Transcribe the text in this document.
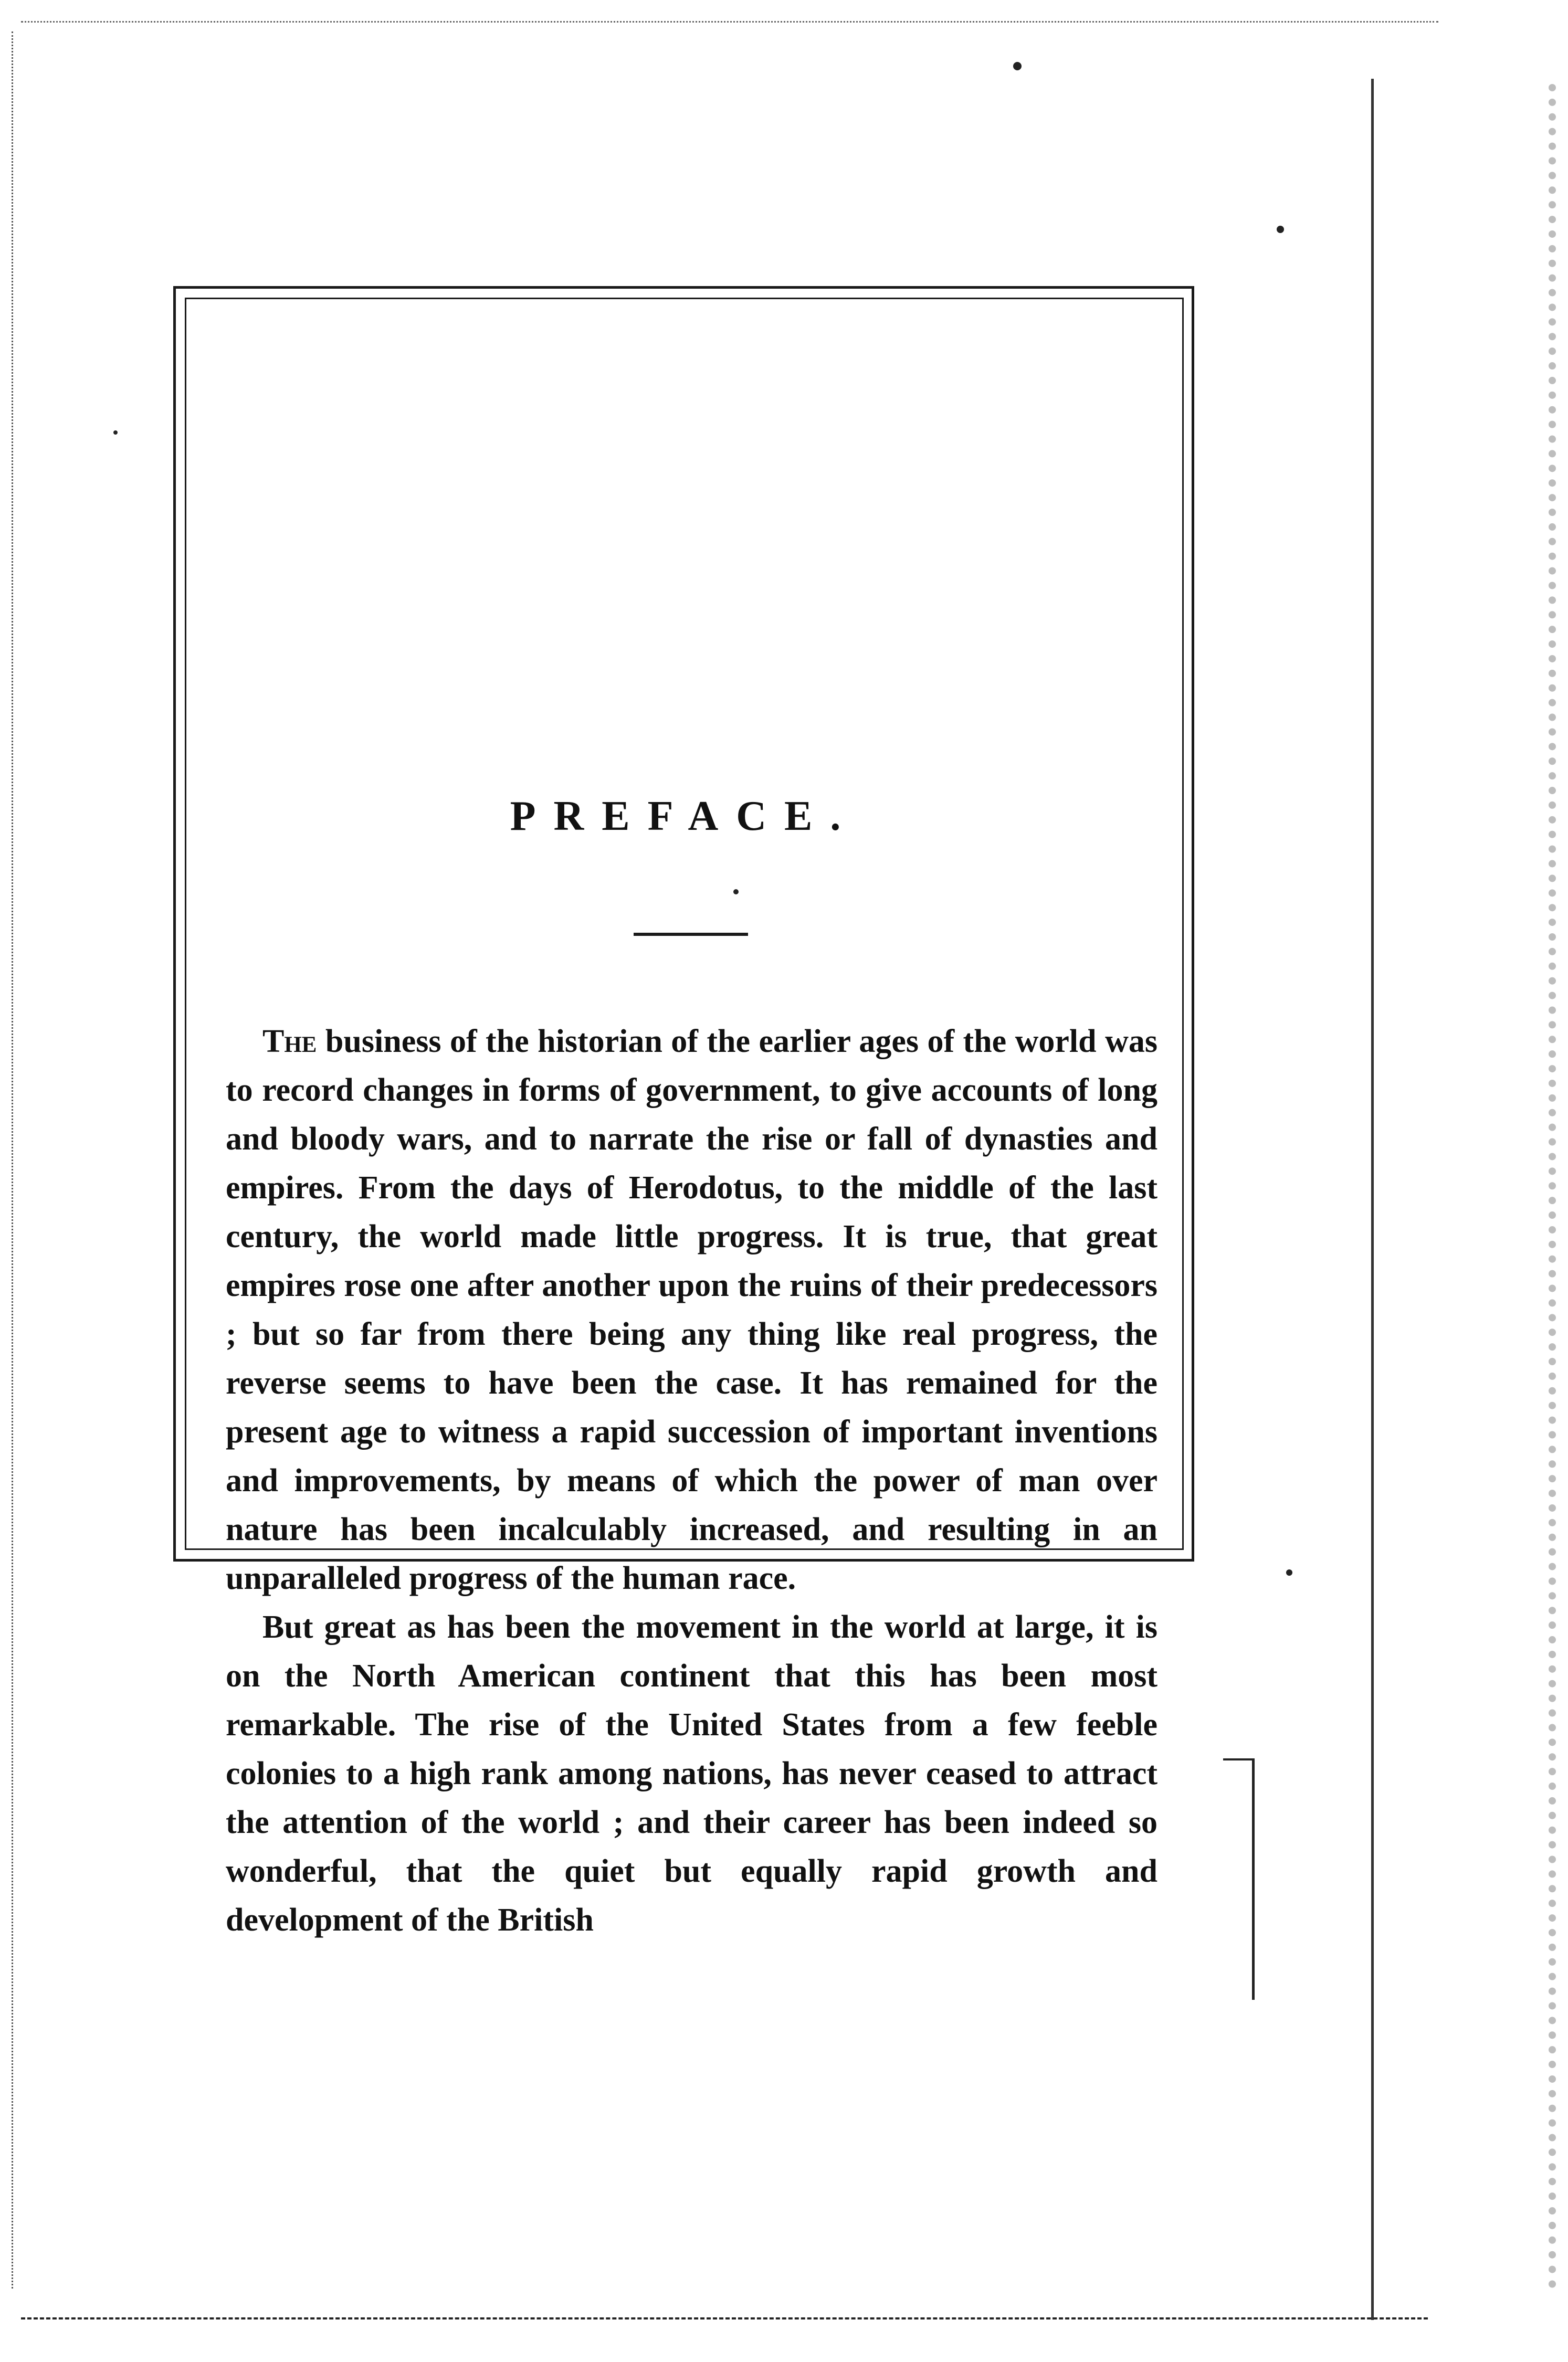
PREFACE.

The business of the historian of the earlier ages of the world was to record changes in forms of government, to give accounts of long and bloody wars, and to narrate the rise or fall of dynasties and empires. From the days of Herodotus, to the middle of the last century, the world made little progress. It is true, that great empires rose one after another upon the ruins of their predecessors ; but so far from there being any thing like real progress, the reverse seems to have been the case. It has remained for the present age to witness a rapid succession of important inventions and improvements, by means of which the power of man over nature has been incalculably increased, and resulting in an unparalleled progress of the human race.

But great as has been the movement in the world at large, it is on the North American continent that this has been most remarkable. The rise of the United States from a few feeble colonies to a high rank among nations, has never ceased to attract the attention of the world ; and their career has been indeed so wonderful, that the quiet but equally rapid growth and development of the British
